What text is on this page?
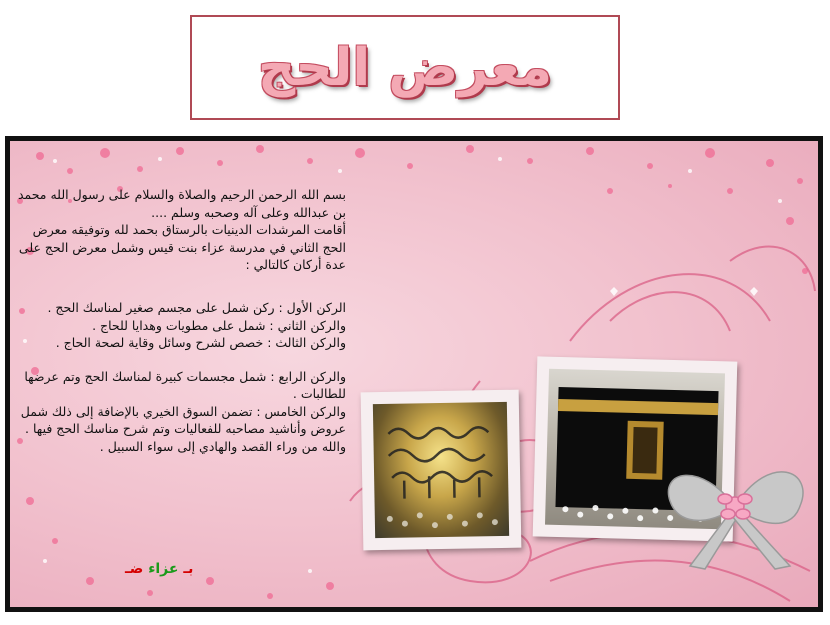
معرض الحج

بسم الله الرحمن الرحيم والصلاة والسلام على رسول الله محمد بن عبدالله وعلى آله وصحبه وسلم ....

أقامت المرشدات الدينيات بالرستاق بحمد لله وتوفيقه معرض الحج الثاني في مدرسة عزاء بنت قيس وشمل معرض الحج على عدة أركان كالتالي :

الركن الأول : ركن شمل على مجسم صغير لمناسك الحج .

والركن الثاني : شمل على مطويات وهدايا للحاج .

والركن الثالث : خصص لشرح وسائل وقاية لصحة الحاج .

والركن الرابع : شمل مجسمات كبيرة لمناسك الحج وتم عرضها للطالبات .

والركن الخامس : تضمن السوق الخيري بالإضافة إلى ذلك شمل عروض وأناشيد مصاحبه للفعاليات وتم شرح مناسك الحج فيها .

والله من وراء القصد والهادي إلى سواء السبيل .

بـ عزاء ضـ
